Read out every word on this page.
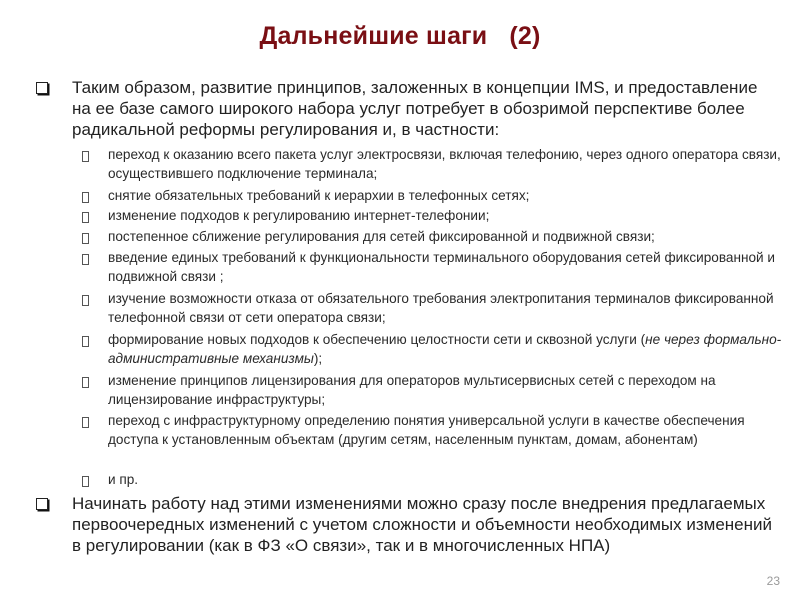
Дальнейшие шаги (2)
Таким образом, развитие принципов, заложенных в концепции IMS, и предоставление на ее базе самого широкого набора услуг потребует в обозримой перспективе более радикальной реформы регулирования и, в частности:
переход к оказанию всего пакета услуг электросвязи, включая телефонию, через одного оператора связи, осуществившего подключение терминала;
снятие обязательных требований к иерархии в телефонных сетях;
изменение подходов к регулированию интернет-телефонии;
постепенное сближение регулирования для сетей фиксированной и подвижной связи;
введение единых требований к функциональности терминального оборудования сетей фиксированной и подвижной связи ;
изучение возможности отказа от обязательного требования электропитания терминалов фиксированной телефонной связи от сети оператора связи;
формирование новых подходов к обеспечению целостности сети и сквозной услуги (не через формально-административные механизмы);
изменение принципов лицензирования для операторов мультисервисных сетей с переходом на лицензирование инфраструктуры;
переход с инфраструктурному определению понятия универсальной услуги в качестве обеспечения доступа к установленным объектам (другим сетям, населенным пунктам, домам, абонентам)
и пр.
Начинать работу над этими изменениями можно сразу после внедрения предлагаемых первоочередных изменений с учетом сложности и объемности необходимых изменений в регулировании (как в ФЗ «О связи», так и в многочисленных НПА)
23
